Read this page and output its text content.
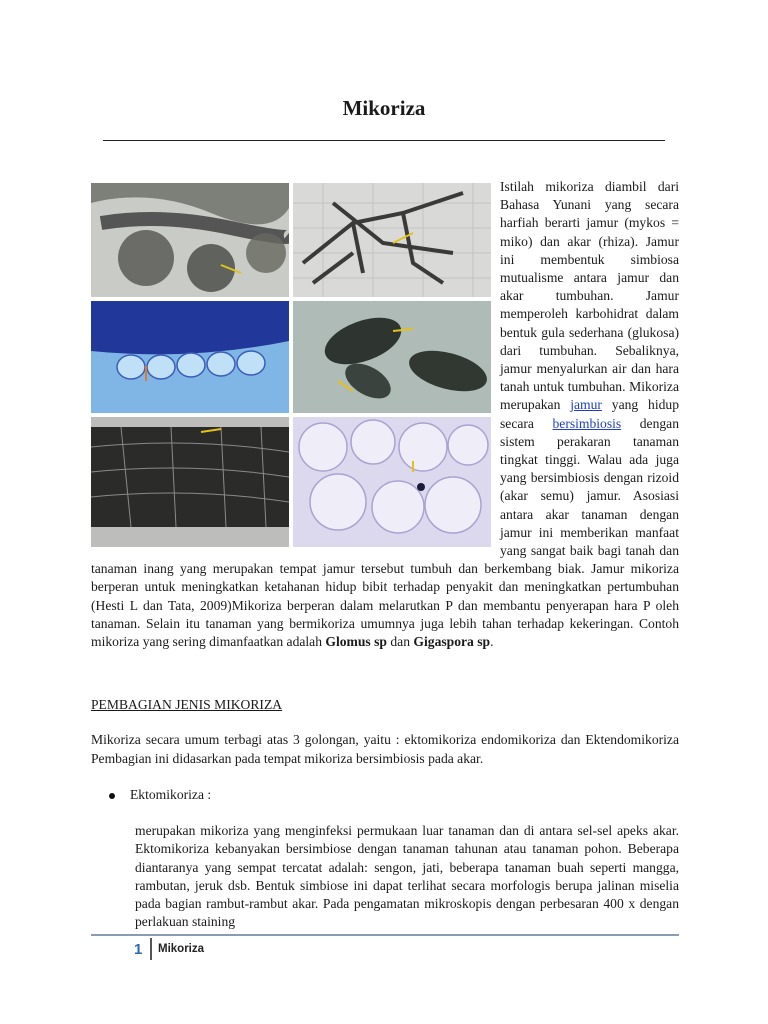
Mikoriza
Istilah mikoriza diambil dari Bahasa Yunani yang secara harfiah berarti jamur (mykos = miko) dan akar (rhiza). Jamur ini membentuk simbiosa mutualisme antara jamur dan akar tumbuhan. Jamur memperoleh karbohidrat dalam bentuk gula sederhana (glukosa) dari tumbuhan. Sebaliknya, jamur menyalurkan air dan hara tanah untuk tumbuhan. Mikoriza merupakan jamur yang hidup secara bersimbiosis dengan sistem perakaran tanaman tingkat tinggi. Walau ada juga yang bersimbiosis dengan rizoid (akar semu) jamur. Asosiasi antara akar tanaman dengan jamur ini memberikan manfaat yang sangat baik bagi tanah dan tanaman inang yang merupakan tempat jamur tersebut tumbuh dan berkembang biak. Jamur mikoriza berperan untuk meningkatkan ketahanan hidup bibit terhadap penyakit dan meningkatkan pertumbuhan (Hesti L dan Tata, 2009)Mikoriza berperan dalam melarutkan P dan membantu penyerapan hara P oleh tanaman. Selain itu tanaman yang bermikoriza umumnya juga lebih tahan terhadap kekeringan. Contoh mikoriza yang sering dimanfaatkan adalah Glomus sp dan Gigaspora sp.
PEMBAGIAN JENIS MIKORIZA
Mikoriza secara umum terbagi atas 3 golongan, yaitu : ektomikoriza endomikoriza dan Ektendomikoriza Pembagian ini didasarkan pada tempat mikoriza bersimbiosis pada akar.
Ektomikoriza :
merupakan mikoriza yang menginfeksi permukaan luar tanaman dan di antara sel-sel apeks akar. Ektomikoriza kebanyakan bersimbiose dengan tanaman tahunan atau tanaman pohon. Beberapa diantaranya yang sempat tercatat adalah: sengon, jati, beberapa tanaman buah seperti mangga, rambutan, jeruk dsb. Bentuk simbiose ini dapat terlihat secara morfologis berupa jalinan miselia pada bagian rambut-rambut akar. Pada pengamatan mikroskopis dengan perbesaran 400 x dengan perlakuan staining
1 Mikoriza
